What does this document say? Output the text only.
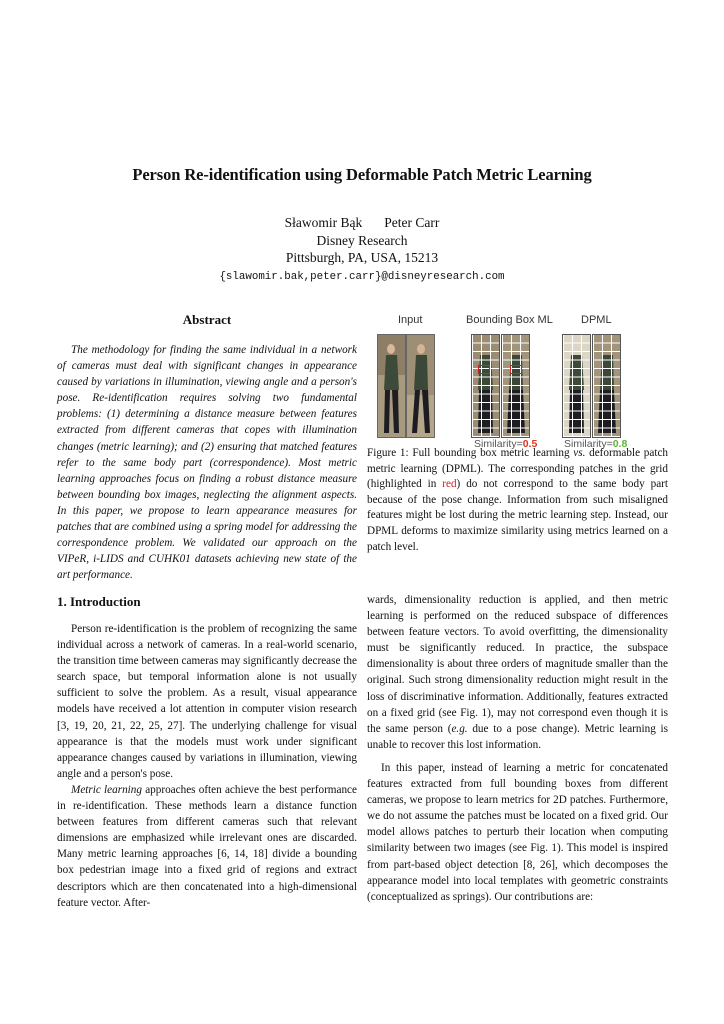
Person Re-identification using Deformable Patch Metric Learning
Sławomir Bąk Peter Carr
Disney Research
Pittsburgh, PA, USA, 15213
{slawomir.bak,peter.carr}@disneyresearch.com
Abstract

The methodology for finding the same individual in a network of cameras must deal with significant changes in appearance caused by variations in illumination, viewing angle and a person's pose. Re-identification requires solving two fundamental problems: (1) determining a distance measure between features extracted from different cameras that copes with illumination changes (metric learning); and (2) ensuring that matched features refer to the same body part (correspondence). Most metric learning approaches focus on finding a robust distance measure between bounding box images, neglecting the alignment aspects. In this paper, we propose to learn appearance measures for patches that are combined using a spring model for addressing the correspondence problem. We validated our approach on the VIPeR, i-LIDS and CUHK01 datasets achieving new state of the art performance.

Input	Bounding Box ML	DPML
Similarity=0.5	Similarity=0.8
Figure 1: Full bounding box metric learning vs. deformable patch metric learning (DPML). The corresponding patches in the grid (highlighted in red) do not correspond to the same body part because of the pose change. Information from such misaligned features might be lost during the metric learning step. Instead, our DPML deforms to maximize similarity using metrics learned on a patch level.
1. Introduction

Person re-identification is the problem of recognizing the same individual across a network of cameras. In a real-world scenario, the transition time between cameras may significantly decrease the search space, but temporal information alone is not usually sufficient to solve the problem. As a result, visual appearance models have received a lot attention in computer vision research [3, 19, 20, 21, 22, 25, 27]. The underlying challenge for visual appearance is that the models must work under significant appearance changes caused by variations in illumination, viewing angle and a person's pose.

Metric learning approaches often achieve the best performance in re-identification. These methods learn a distance function between features from different cameras such that relevant dimensions are emphasized while irrelevant ones are discarded. Many metric learning approaches [6, 14, 18] divide a bounding box pedestrian image into a fixed grid of regions and extract descriptors which are then concatenated into a high-dimensional feature vector. After-

wards, dimensionality reduction is applied, and then metric learning is performed on the reduced subspace of differences between feature vectors. To avoid overfitting, the dimensionality must be significantly reduced. In practice, the subspace dimensionality is about three orders of magnitude smaller than the original. Such strong dimensionality reduction might result in the loss of discriminative information. Additionally, features extracted on a fixed grid (see Fig. 1), may not correspond even though it is the same person (e.g. due to a pose change). Metric learning is unable to recover this lost information.

In this paper, instead of learning a metric for concatenated features extracted from full bounding boxes from different cameras, we propose to learn metrics for 2D patches. Furthermore, we do not assume the patches must be located on a fixed grid. Our model allows patches to perturb their location when computing similarity between two images (see Fig. 1). This model is inspired from part-based object detection [8, 26], which decomposes the appearance model into local templates with geometric constraints (conceptualized as springs). Our contributions are:
